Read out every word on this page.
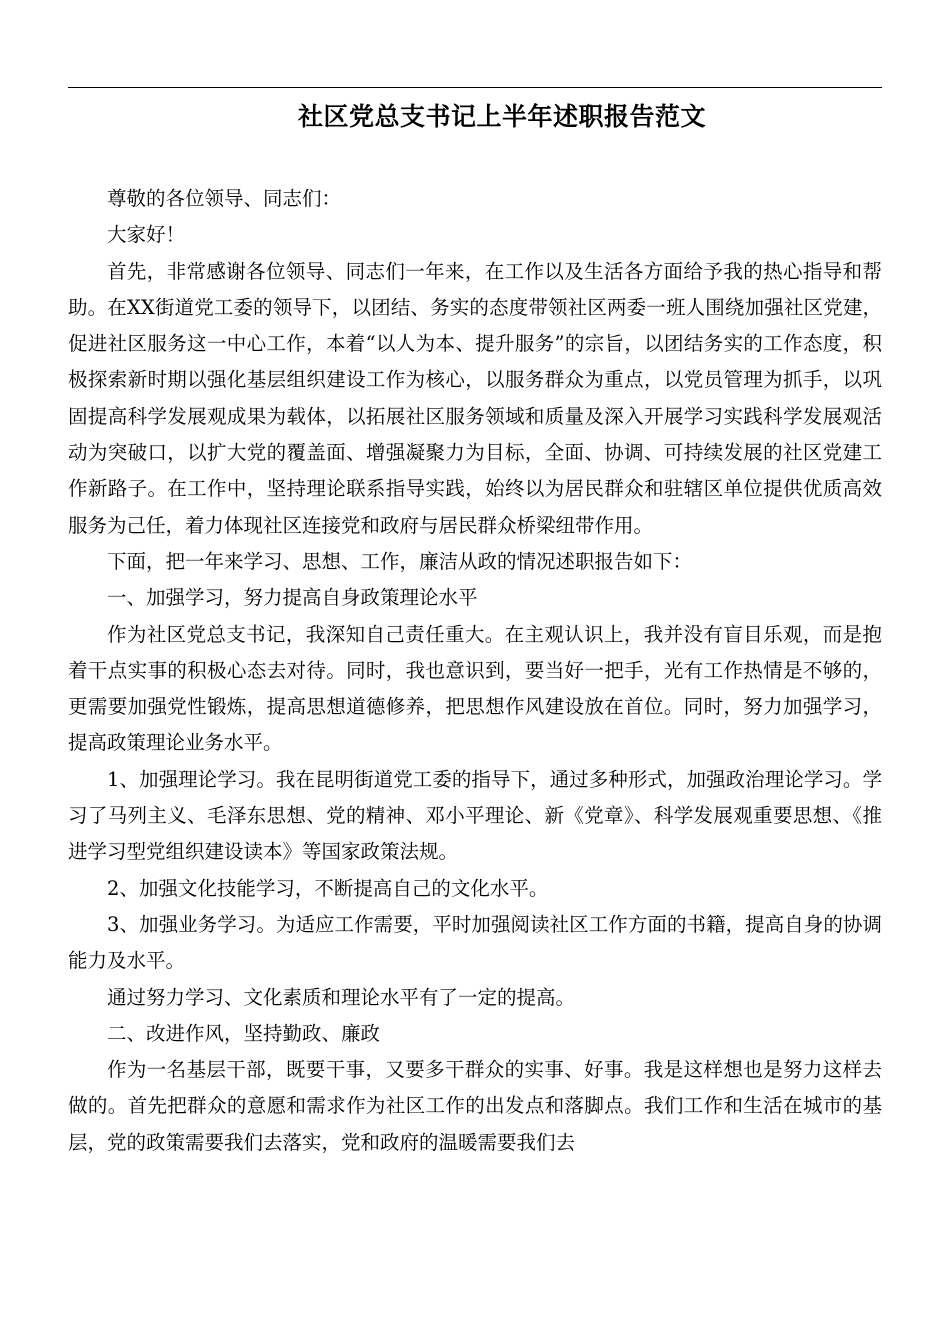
社区党总支书记上半年述职报告范文

尊敬的各位领导、同志们：

大家好！

首先，非常感谢各位领导、同志们一年来，在工作以及生活各方面给予我的热心指导和帮助。在XX街道党工委的领导下，以团结、务实的态度带领社区两委一班人围绕加强社区党建，促进社区服务这一中心工作，本着“以人为本、提升服务”的宗旨，以团结务实的工作态度，积极探索新时期以强化基层组织建设工作为核心，以服务群众为重点，以党员管理为抓手，以巩固提高科学发展观成果为载体，以拓展社区服务领域和质量及深入开展学习实践科学发展观活动为突破口，以扩大党的覆盖面、增强凝聚力为目标，全面、协调、可持续发展的社区党建工作新路子。在工作中，坚持理论联系指导实践，始终以为居民群众和驻辖区单位提供优质高效服务为己任，着力体现社区连接党和政府与居民群众桥梁纽带作用。

下面，把一年来学习、思想、工作，廉洁从政的情况述职报告如下：

一、加强学习，努力提高自身政策理论水平

作为社区党总支书记，我深知自己责任重大。在主观认识上，我并没有盲目乐观，而是抱着干点实事的积极心态去对待。同时，我也意识到，要当好一把手，光有工作热情是不够的，更需要加强党性锻炼，提高思想道德修养，把思想作风建设放在首位。同时，努力加强学习，提高政策理论业务水平。

1、加强理论学习。我在昆明街道党工委的指导下，通过多种形式，加强政治理论学习。学习了马列主义、毛泽东思想、党的精神、邓小平理论、新《党章》、科学发展观重要思想、《推进学习型党组织建设读本》等国家政策法规。

2、加强文化技能学习，不断提高自己的文化水平。

3、加强业务学习。为适应工作需要，平时加强阅读社区工作方面的书籍，提高自身的协调能力及水平。

通过努力学习、文化素质和理论水平有了一定的提高。

二、改进作风，坚持勤政、廉政

作为一名基层干部，既要干事，又要多干群众的实事、好事。我是这样想也是努力这样去做的。首先把群众的意愿和需求作为社区工作的出发点和落脚点。我们工作和生活在城市的基层，党的政策需要我们去落实，党和政府的温暖需要我们去
